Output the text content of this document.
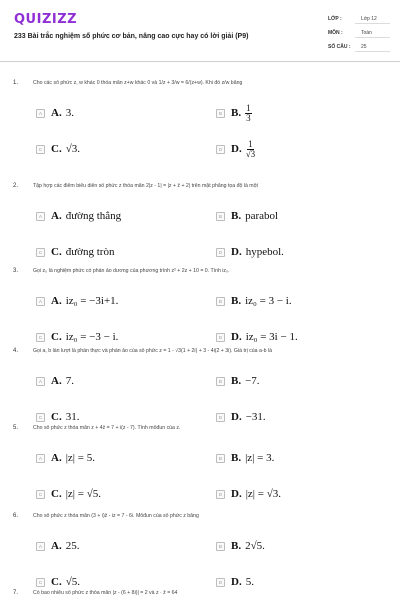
QUIZIZZ
233 Bài trắc nghiệm số phức cơ bản, nâng cao cực hay có lời giải (P9)
LỚP :	Lớp 12
MÔN :	Toán
SỐ CÂU :	25
1.	Cho các số phức z, w khác 0 thỏa mãn z+w khác 0 và 1/z + 3/w = 6/(z+w). Khi đó z/w bằng
A A. 3.	B B. $\frac{1}{3}$
C C. √3.	D D. $\frac{1}{√3}$
2.	Tập hợp các điểm biểu diễn số phức z thỏa mãn 2|z - 1| = |z + z̄ + 2| trên mặt phẳng tọa độ là một
A A. đường thẳng	B B. parabol
C C. đường tròn	D D. hypebol.
3.	Gọi z₀ là nghiệm phức có phần ảo dương của phương trình z² + 2z + 10 = 0. Tính iz₀.
A A. iz₀ = −3i+1.	B B. iz₀ = 3 − i.
C C. iz₀ = −3 − i.	D D. iz₀ = 3i − 1.
4.	Gọi a, b lần lượt là phần thực và phần ảo của số phức z = 1 - √3(1 + 2i) + 3 - 4i(2 + 3i). Giá trị của a-b là
A A. 7.	B B. −7.
C C. 31.	D D. −31.
5.	Cho số phức z thỏa mãn z + 4z̄ = 7 + i(z - 7). Tính môđun của z.
A A. |z| = 5.	B B. |z| = 3.
C C. |z| = √5.	D D. |z| = √3.
6.	Cho số phức z thỏa mãn (3 + i)z̄ - iz = 7 - 6i. Môđun của số phức z bằng
A A. 25.	B B. 2√5.
C C. √5.	D D. 5.
7.	Có bao nhiêu số phức z thỏa mãn |z - (6 + 8i)| = 2 và z · z̄ = 64
